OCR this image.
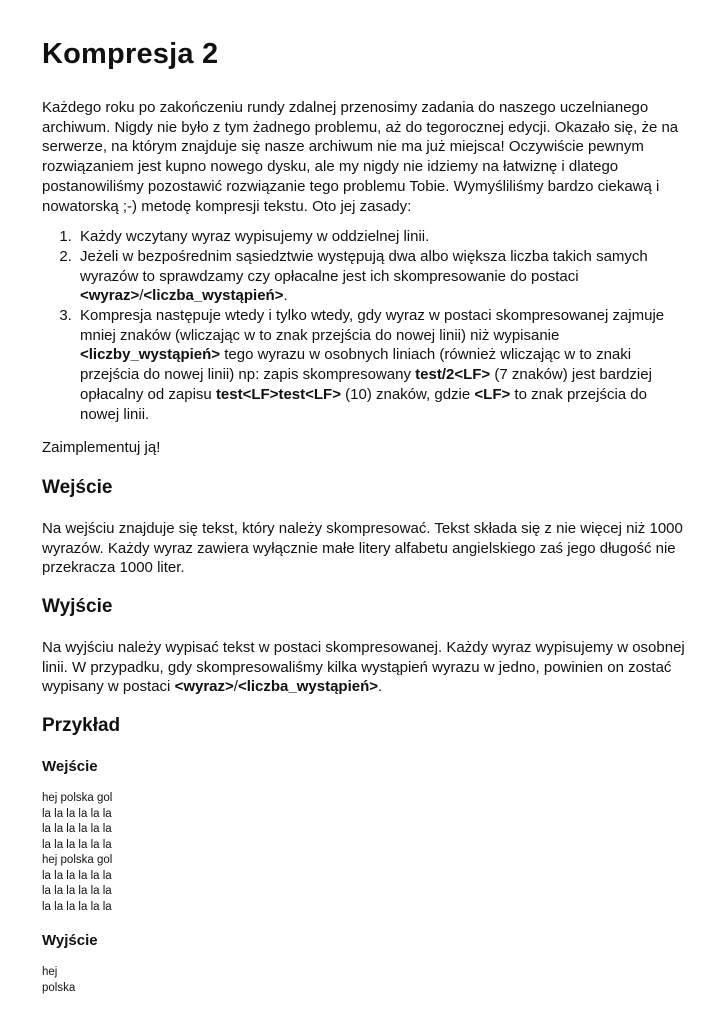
Kompresja 2

Każdego roku po zakończeniu rundy zdalnej przenosimy zadania do naszego uczelnianego archiwum. Nigdy nie było z tym żadnego problemu, aż do tegorocznej edycji. Okazało się, że na serwerze, na którym znajduje się nasze archiwum nie ma już miejsca! Oczywiście pewnym rozwiązaniem jest kupno nowego dysku, ale my nigdy nie idziemy na łatwiznę i dlatego postanowiliśmy pozostawić rozwiązanie tego problemu Tobie. Wymyśliliśmy bardzo ciekawą i nowatorską ;-) metodę kompresji tekstu. Oto jej zasady:

1. Każdy wczytany wyraz wypisujemy w oddzielnej linii.
2. Jeżeli w bezpośrednim sąsiedztwie występują dwa albo większa liczba takich samych wyrazów to sprawdzamy czy opłacalne jest ich skompresowanie do postaci <wyraz>/<liczba_wystąpień>.
3. Kompresja następuje wtedy i tylko wtedy, gdy wyraz w postaci skompresowanej zajmuje mniej znaków (wliczając w to znak przejścia do nowej linii) niż wypisanie <liczby_wystąpień> tego wyrazu w osobnych liniach (również wliczając w to znaki przejścia do nowej linii) np: zapis skompresowany test/2<LF> (7 znaków) jest bardziej opłacalny od zapisu test<LF>test<LF> (10) znaków, gdzie <LF> to znak przejścia do nowej linii.

Zaimplementuj ją!

Wejście

Na wejściu znajduje się tekst, który należy skompresować. Tekst składa się z nie więcej niż 1000 wyrazów. Każdy wyraz zawiera wyłącznie małe litery alfabetu angielskiego zaś jego długość nie przekracza 1000 liter.

Wyjście

Na wyjściu należy wypisać tekst w postaci skompresowanej. Każdy wyraz wypisujemy w osobnej linii. W przypadku, gdy skompresowaliśmy kilka wystąpień wyrazu w jedno, powinien on zostać wypisany w postaci <wyraz>/<liczba_wystąpień>.

Przykład
Wejście
hej polska gol
la la la la la la
la la la la la la
la la la la la la
hej polska gol
la la la la la la
la la la la la la
la la la la la la
Wyjście
hej
polska
